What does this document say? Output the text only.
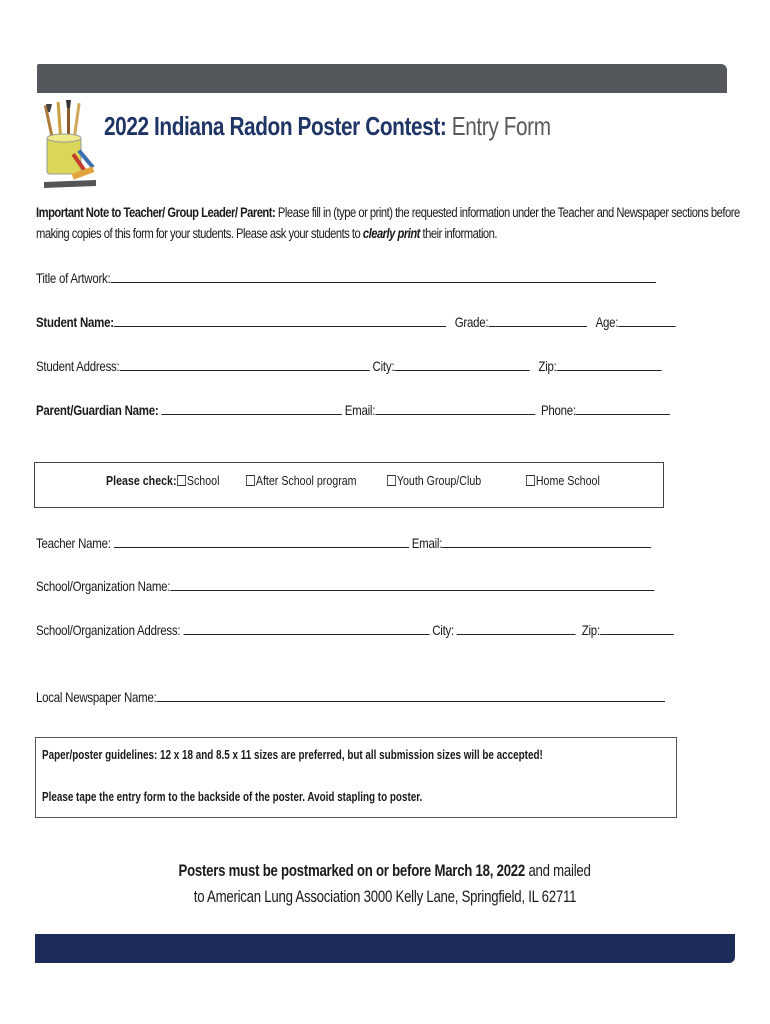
2022 Indiana Radon Poster Contest: Entry Form
Important Note to Teacher/ Group Leader/ Parent: Please fill in (type or print) the requested information under the Teacher and Newspaper sections before making copies of this form for your students. Please ask your students to clearly print their information.
Title of Artwork:
Student Name:	Grade:	Age:
Student Address:	City:	Zip:
Parent/Guardian Name:	Email:	Phone:
Please check: School	After School program	Youth Group/Club	Home School
Teacher Name:	Email:
School/Organization Name:
School/Organization Address:	City:	Zip:
Local Newspaper Name:
Paper/poster guidelines: 12 x 18 and 8.5 x 11 sizes are preferred, but all submission sizes will be accepted!
Please tape the entry form to the backside of the poster. Avoid stapling to poster.
Posters must be postmarked on or before March 18, 2022 and mailed
to American Lung Association 3000 Kelly Lane, Springfield, IL 62711
